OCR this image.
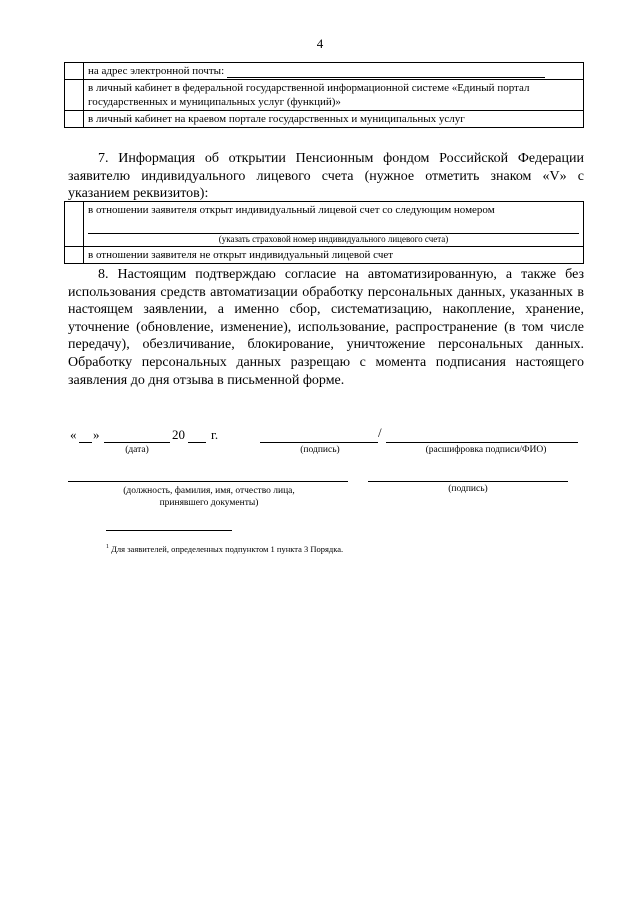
4
	на адрес электронной почты:
	в личный кабинет в федеральной государственной информационной системе «Единый портал государственных и муниципальных услуг (функций)»
	в личный кабинет на краевом портале государственных и муниципальных услуг
7. Информация об открытии Пенсионным фондом Российской Федерации заявителю индивидуального лицевого счета (нужное отметить знаком «V» с указанием реквизитов):
	в отношении заявителя открыт индивидуальный лицевой счет со следующим номером
(указать страховой номер индивидуального лицевого счета)

	в отношении заявителя не открыт индивидуальный лицевой счет
8. Настоящим подтверждаю согласие на автоматизированную, а также без использования средств автоматизации обработку персональных данных, указанных в настоящем заявлении, а именно сбор, систематизацию, накопление, хранение, уточнение (обновление, изменение), использование, распространение (в том числе передачу), обезличивание, блокирование, уничтожение персональных данных. Обработку персональных данных разрещаю с момента подписания настоящего заявления до дня отзыва в письменной форме.
« »	20 г.	/
(дата)	(подпись)	(расшифровка подписи/ФИО)
(должность, фамилия, имя, отчество лица, принявшего документы)
(подпись)
$^1$ Для заявителей, определенных подпунктом 1 пункта 3 Порядка.
